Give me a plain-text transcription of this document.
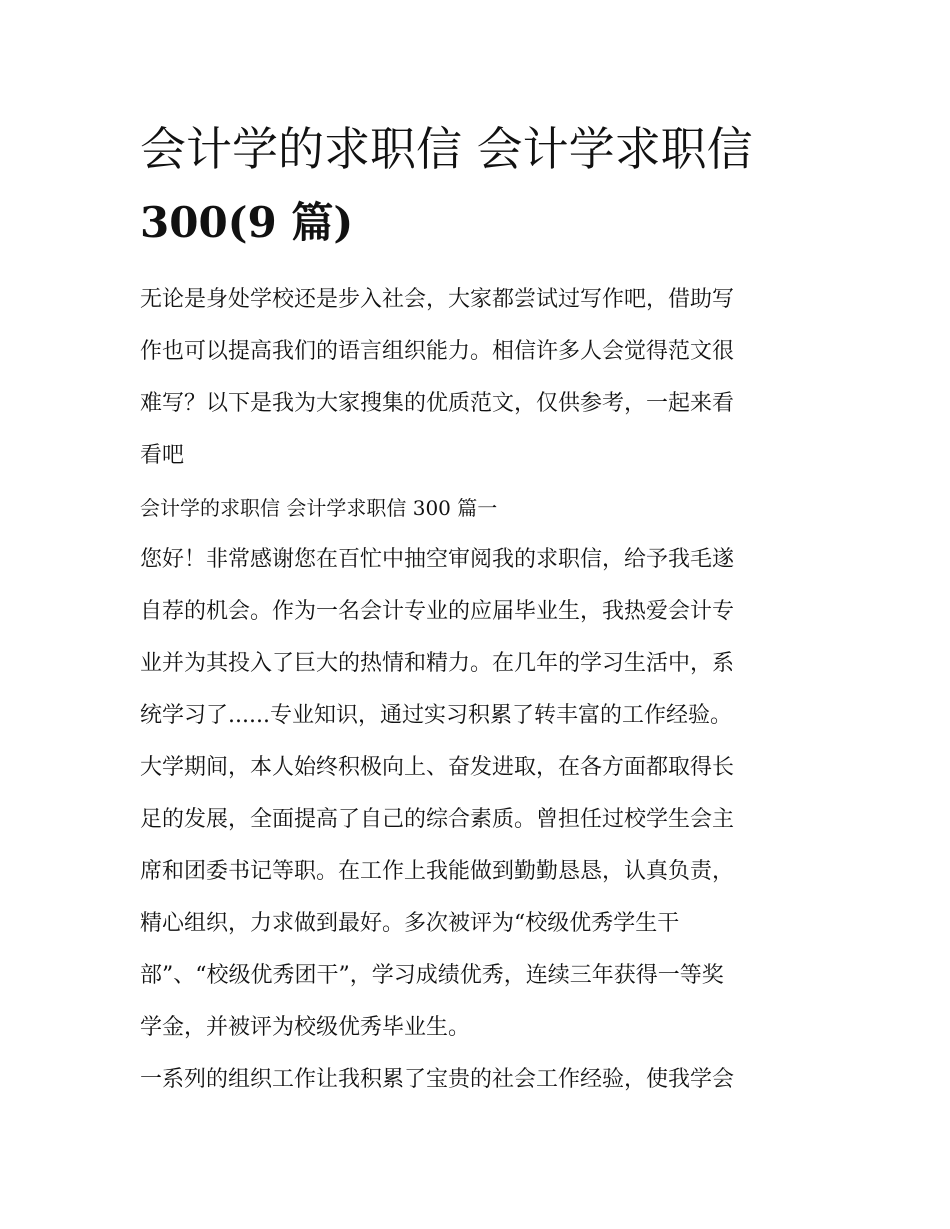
会计学的求职信 会计学求职信
300(9 篇)

无论是身处学校还是步入社会，大家都尝试过写作吧，借助写
作也可以提高我们的语言组织能力。相信许多人会觉得范文很
难写？以下是我为大家搜集的优质范文，仅供参考，一起来看
看吧

会计学的求职信 会计学求职信 300 篇一

您好！非常感谢您在百忙中抽空审阅我的求职信，给予我毛遂
自荐的机会。作为一名会计专业的应届毕业生，我热爱会计专
业并为其投入了巨大的热情和精力。在几年的学习生活中，系
统学习了......专业知识，通过实习积累了转丰富的工作经验。
大学期间，本人始终积极向上、奋发进取，在各方面都取得长
足的发展，全面提高了自己的综合素质。曾担任过校学生会主
席和团委书记等职。在工作上我能做到勤勤恳恳，认真负责，
精心组织，力求做到最好。多次被评为“校级优秀学生干
部”、“校级优秀团干”，学习成绩优秀，连续三年获得一等奖
学金，并被评为校级优秀毕业生。

一系列的组织工作让我积累了宝贵的社会工作经验，使我学会
